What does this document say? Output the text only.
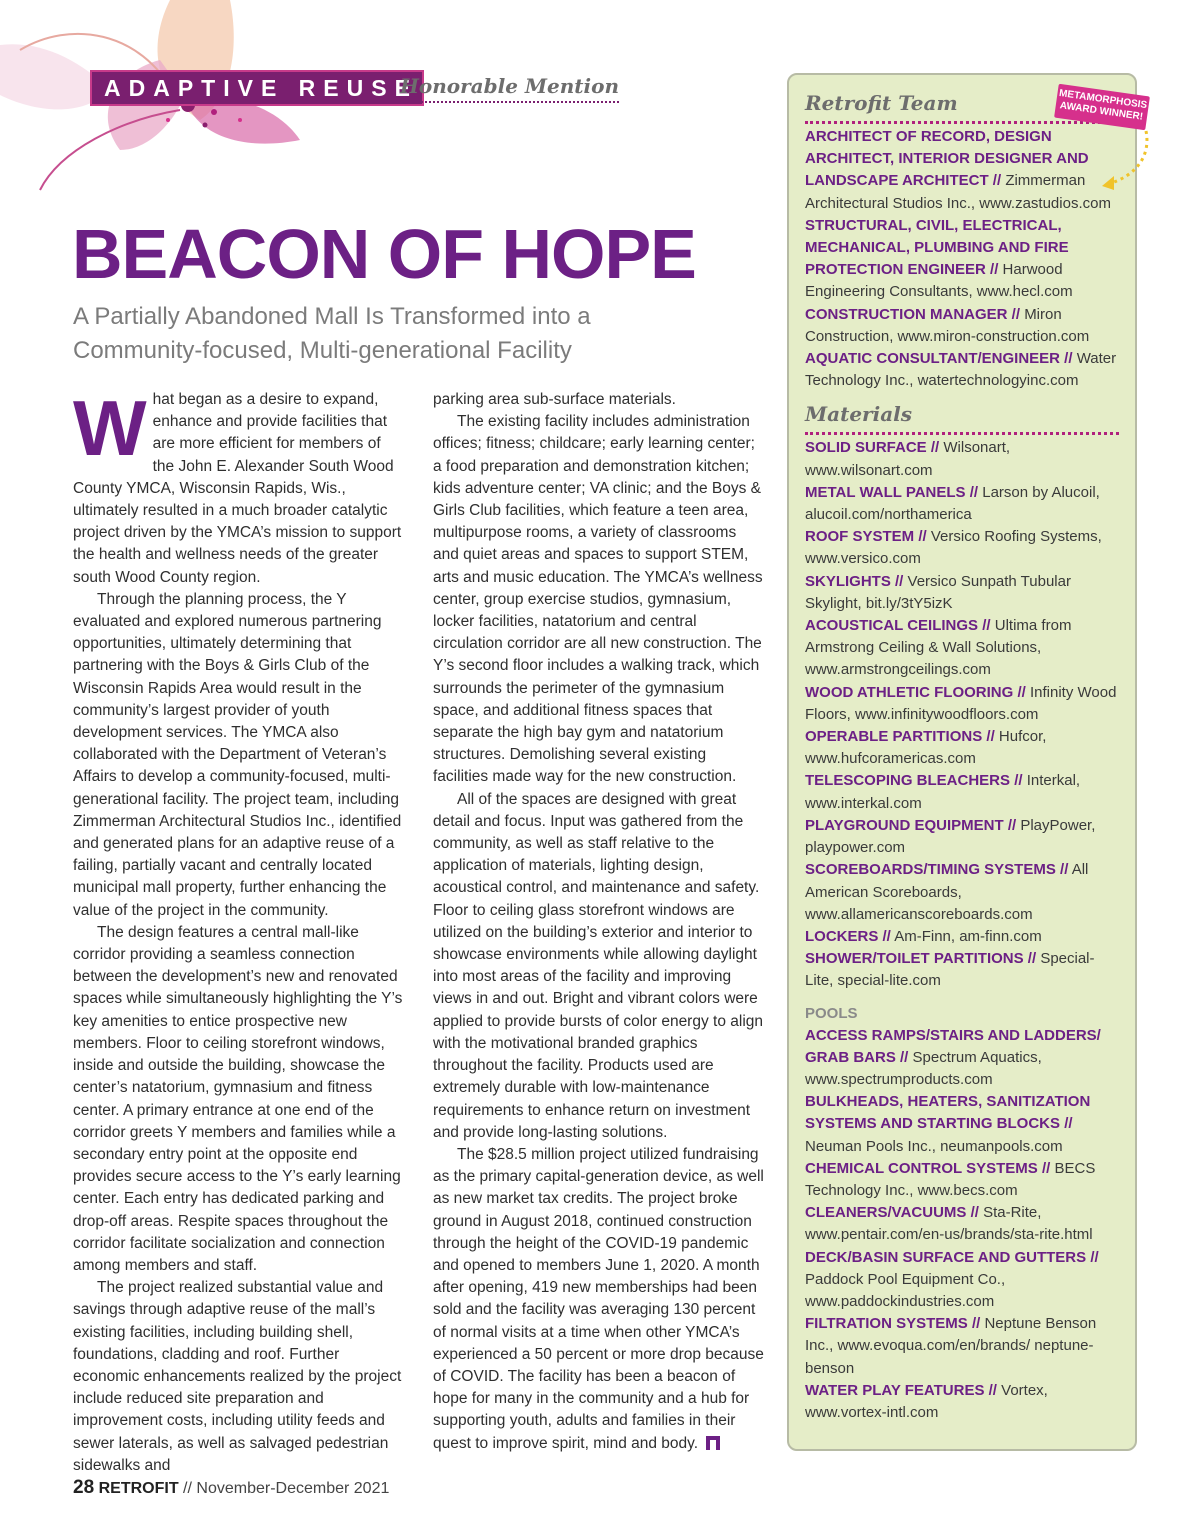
ADAPTIVE REUSE
Honorable Mention
BEACON OF HOPE
A Partially Abandoned Mall Is Transformed into a Community-focused, Multi-generational Facility

What began as a desire to expand, enhance and provide facilities that are more efficient for members of the John E. Alexander South Wood County YMCA, Wisconsin Rapids, Wis., ultimately resulted in a much broader catalytic project driven by the YMCA’s mission to support the health and wellness needs of the greater south Wood County region.

Through the planning process, the Y evaluated and explored numerous partnering opportunities, ultimately determining that partnering with the Boys & Girls Club of the Wisconsin Rapids Area would result in the community’s largest provider of youth development services. The YMCA also collaborated with the Department of Veteran’s Affairs to develop a community-focused, multi-generational facility. The project team, including Zimmerman Architectural Studios Inc., identified and generated plans for an adaptive reuse of a failing, partially vacant and centrally located municipal mall property, further enhancing the value of the project in the community.

The design features a central mall-like corridor providing a seamless connection between the development’s new and renovated spaces while simultaneously highlighting the Y’s key amenities to entice prospective new members. Floor to ceiling storefront windows, inside and outside the building, showcase the center’s natatorium, gymnasium and fitness center. A primary entrance at one end of the corridor greets Y members and families while a secondary entry point at the opposite end provides secure access to the Y’s early learning center. Each entry has dedicated parking and drop-off areas. Respite spaces throughout the corridor facilitate socialization and connection among members and staff.

The project realized substantial value and savings through adaptive reuse of the mall’s existing facilities, including building shell, foundations, cladding and roof. Further economic enhancements realized by the project include reduced site preparation and improvement costs, including utility feeds and sewer laterals, as well as salvaged pedestrian sidewalks and

parking area sub-surface materials.

The existing facility includes administration offices; fitness; childcare; early learning center; a food preparation and demonstration kitchen; kids adventure center; VA clinic; and the Boys & Girls Club facilities, which feature a teen area, multipurpose rooms, a variety of classrooms and quiet areas and spaces to support STEM, arts and music education. The YMCA’s wellness center, group exercise studios, gymnasium, locker facilities, natatorium and central circulation corridor are all new construction. The Y’s second floor includes a walking track, which surrounds the perimeter of the gymnasium space, and additional fitness spaces that separate the high bay gym and natatorium structures. Demolishing several existing facilities made way for the new construction.

All of the spaces are designed with great detail and focus. Input was gathered from the community, as well as staff relative to the application of materials, lighting design, acoustical control, and maintenance and safety. Floor to ceiling glass storefront windows are utilized on the building’s exterior and interior to showcase environments while allowing daylight into most areas of the facility and improving views in and out. Bright and vibrant colors were applied to provide bursts of color energy to align with the motivational branded graphics throughout the facility. Products used are extremely durable with low-maintenance requirements to enhance return on investment and provide long-lasting solutions.

The $28.5 million project utilized fundraising as the primary capital-generation device, as well as new market tax credits. The project broke ground in August 2018, continued construction through the height of the COVID-19 pandemic and opened to members June 1, 2020. A month after opening, 419 new memberships had been sold and the facility was averaging 130 percent of normal visits at a time when other YMCA’s experienced a 50 percent or more drop because of COVID. The facility has been a beacon of hope for many in the community and a hub for supporting youth, adults and families in their quest to improve spirit, mind and body.

Retrofit Team
ARCHITECT OF RECORD, DESIGN ARCHITECT, INTERIOR DESIGNER AND LANDSCAPE ARCHITECT // Zimmerman Architectural Studios Inc., www.zastudios.com
STRUCTURAL, CIVIL, ELECTRICAL, MECHANICAL, PLUMBING AND FIRE PROTECTION ENGINEER // Harwood Engineering Consultants, www.hecl.com
CONSTRUCTION MANAGER // Miron Construction, www.miron-construction.com
AQUATIC CONSULTANT/ENGINEER // Water Technology Inc., watertechnologyinc.com
Materials
SOLID SURFACE // Wilsonart, www.wilsonart.com
METAL WALL PANELS // Larson by Alucoil, alucoil.com/northamerica
ROOF SYSTEM // Versico Roofing Systems, www.versico.com
SKYLIGHTS // Versico Sunpath Tubular Skylight, bit.ly/3tY5izK
ACOUSTICAL CEILINGS // Ultima from Armstrong Ceiling & Wall Solutions, www.armstrongceilings.com
WOOD ATHLETIC FLOORING // Infinity Wood Floors, www.infinitywoodfloors.com
OPERABLE PARTITIONS // Hufcor, www.hufcoramericas.com
TELESCOPING BLEACHERS // Interkal, www.interkal.com
PLAYGROUND EQUIPMENT // PlayPower, playpower.com
SCOREBOARDS/TIMING SYSTEMS // All American Scoreboards, www.allamericanscoreboards.com
LOCKERS // Am-Finn, am-finn.com
SHOWER/TOILET PARTITIONS // Special-Lite, special-lite.com
POOLS
ACCESS RAMPS/STAIRS AND LADDERS/ GRAB BARS // Spectrum Aquatics, www.spectrumproducts.com
BULKHEADS, HEATERS, SANITIZATION SYSTEMS AND STARTING BLOCKS // Neuman Pools Inc., neumanpools.com
CHEMICAL CONTROL SYSTEMS // BECS Technology Inc., www.becs.com
CLEANERS/VACUUMS // Sta-Rite, www.pentair.com/en-us/brands/sta-rite.html
DECK/BASIN SURFACE AND GUTTERS // Paddock Pool Equipment Co., www.paddockindustries.com
FILTRATION SYSTEMS // Neptune Benson Inc., www.evoqua.com/en/brands/ neptune-benson
WATER PLAY FEATURES // Vortex, www.vortex-intl.com
METAMORPHOSIS AWARD WINNER!
28 RETROFIT // November-December 2021
